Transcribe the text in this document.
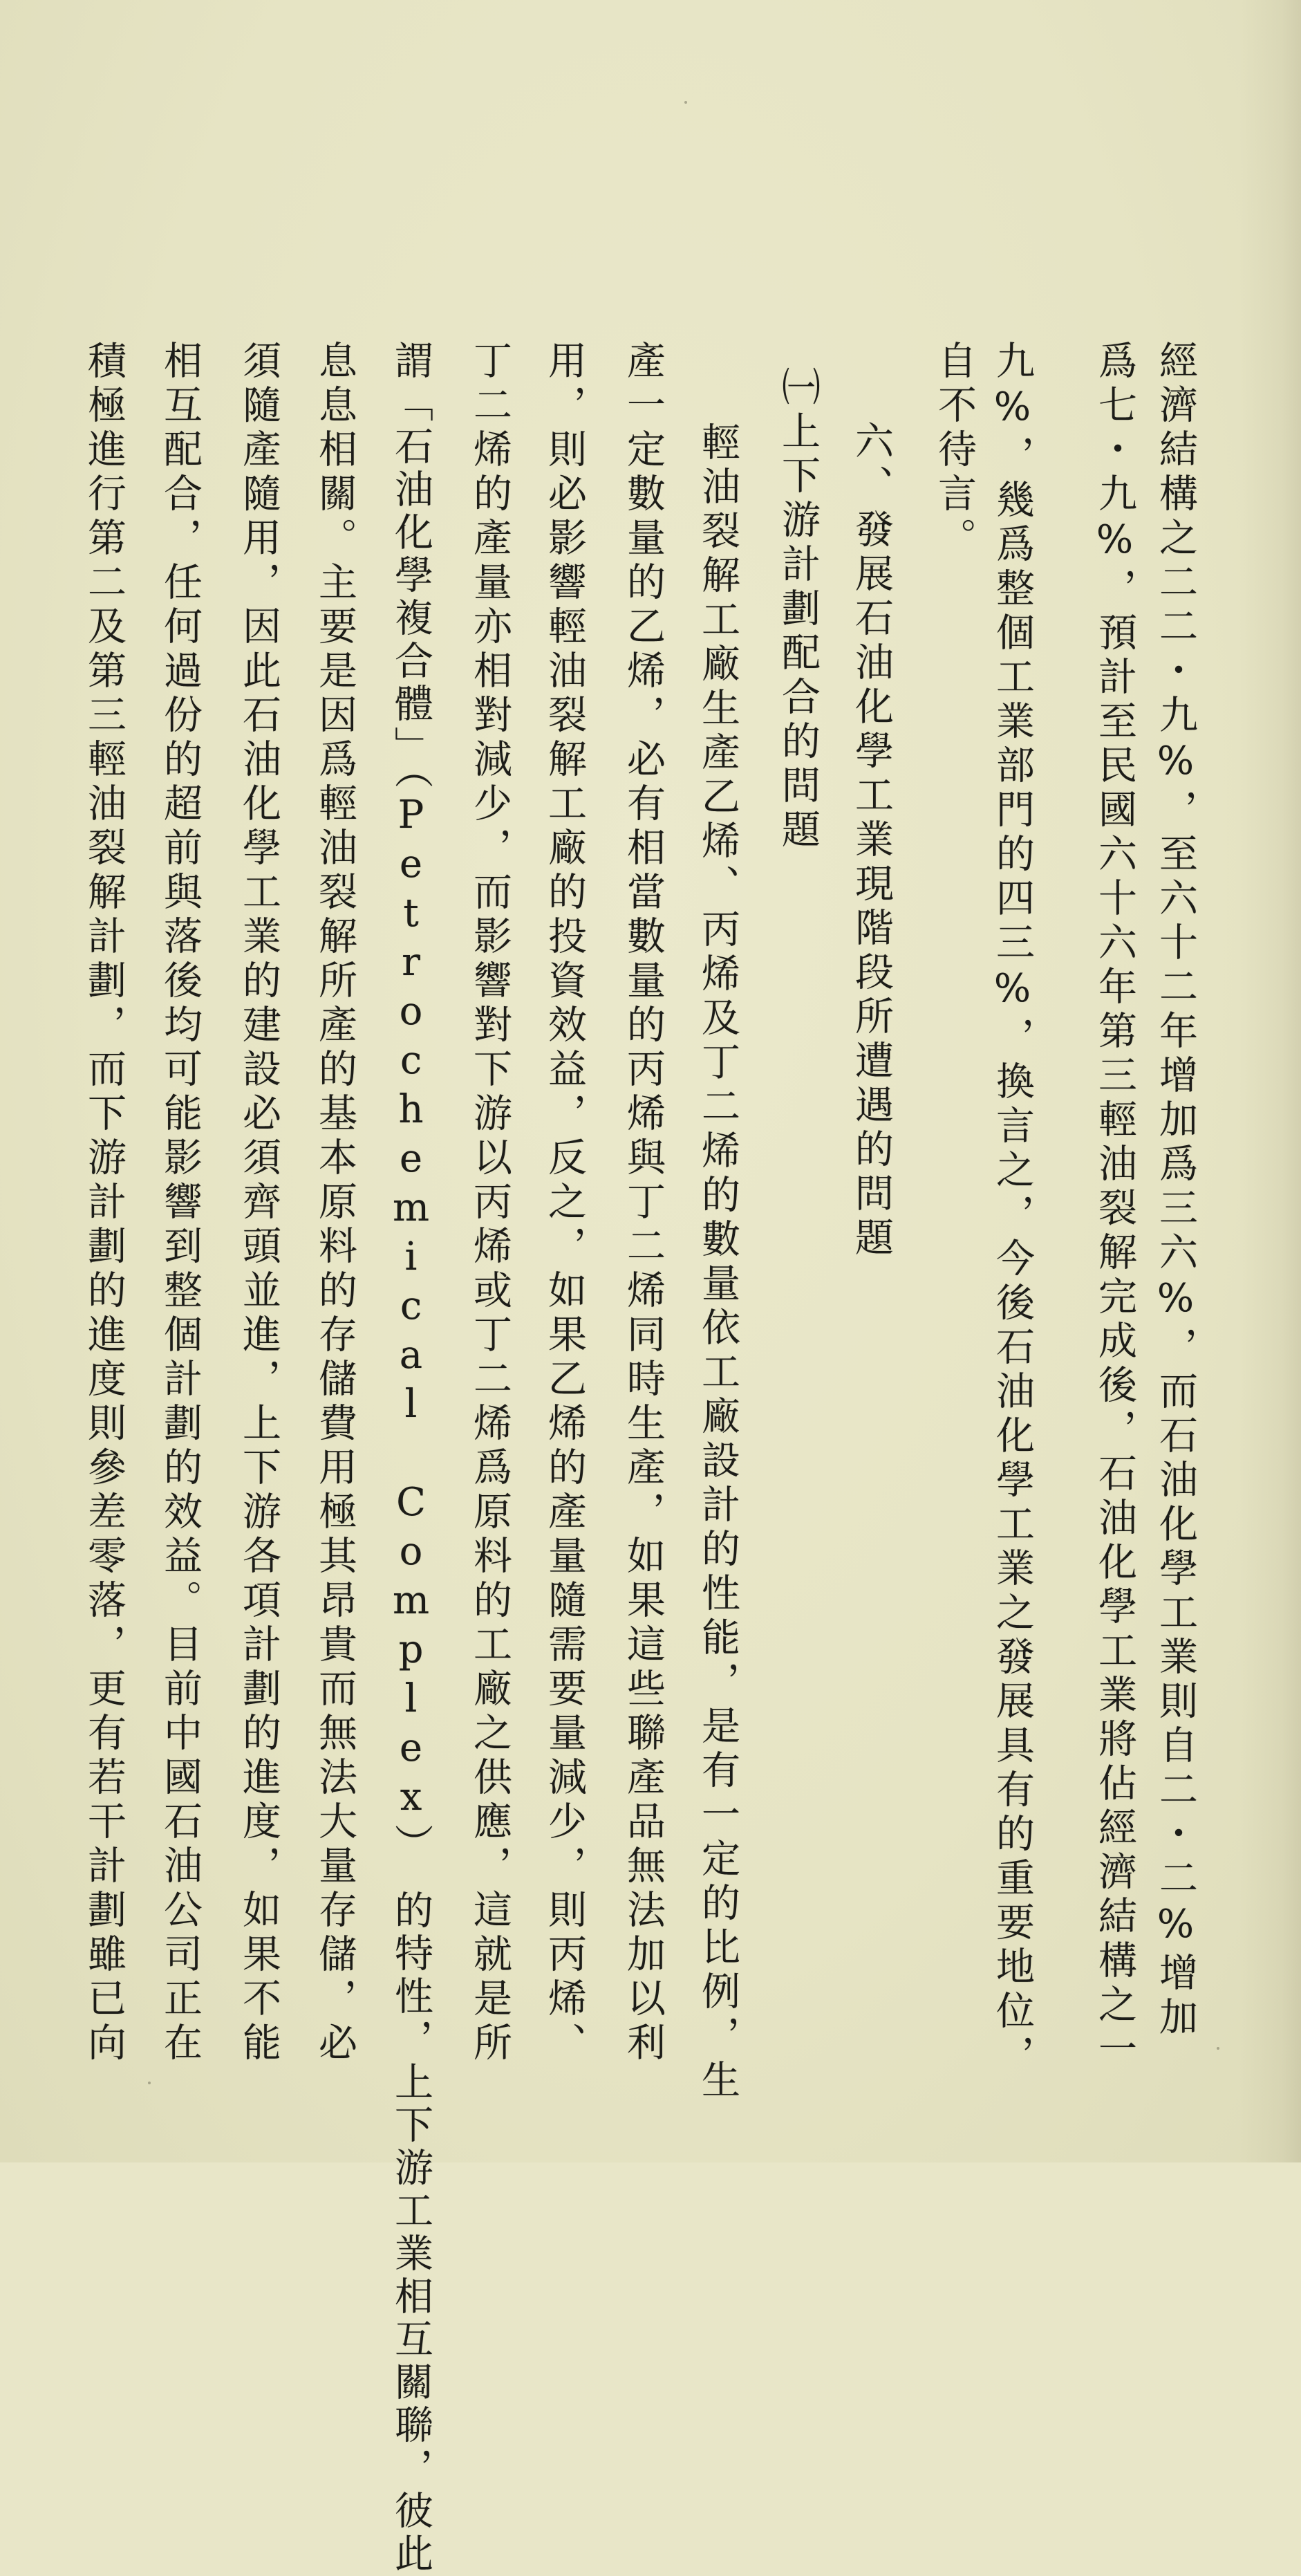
經濟結構之二二・九%，至六十二年增加爲三六%，而石油化學工業則自二・二%增加
爲七・九%，預計至民國六十六年第三輕油裂解完成後，石油化學工業將佔經濟結構之一
九%，幾爲整個工業部門的四三%，換言之，今後石油化學工業之發展具有的重要地位，
自不待言。
六、發展石油化學工業現階段所遭遇的問題
㈠上下游計劃配合的問題
輕油裂解工廠生產乙烯、丙烯及丁二烯的數量依工廠設計的性能，是有一定的比例，生
產一定數量的乙烯，必有相當數量的丙烯與丁二烯同時生產，如果這些聯產品無法加以利
用，則必影響輕油裂解工廠的投資效益，反之，如果乙烯的產量隨需要量減少，則丙烯、
丁二烯的產量亦相對減少，而影響對下游以丙烯或丁二烯爲原料的工廠之供應，這就是所
謂「石油化學複合體」（Petrochemical Complex）　的特性，上下游工業相互關聯，彼此
息息相關。主要是因爲輕油裂解所產的基本原料的存儲費用極其昂貴而無法大量存儲，必
須隨產隨用，因此石油化學工業的建設必須齊頭並進，上下游各項計劃的進度，如果不能
相互配合，任何過份的超前與落後均可能影響到整個計劃的效益。目前中國石油公司正在
積極進行第二及第三輕油裂解計劃，而下游計劃的進度則參差零落，更有若干計劃雖已向
